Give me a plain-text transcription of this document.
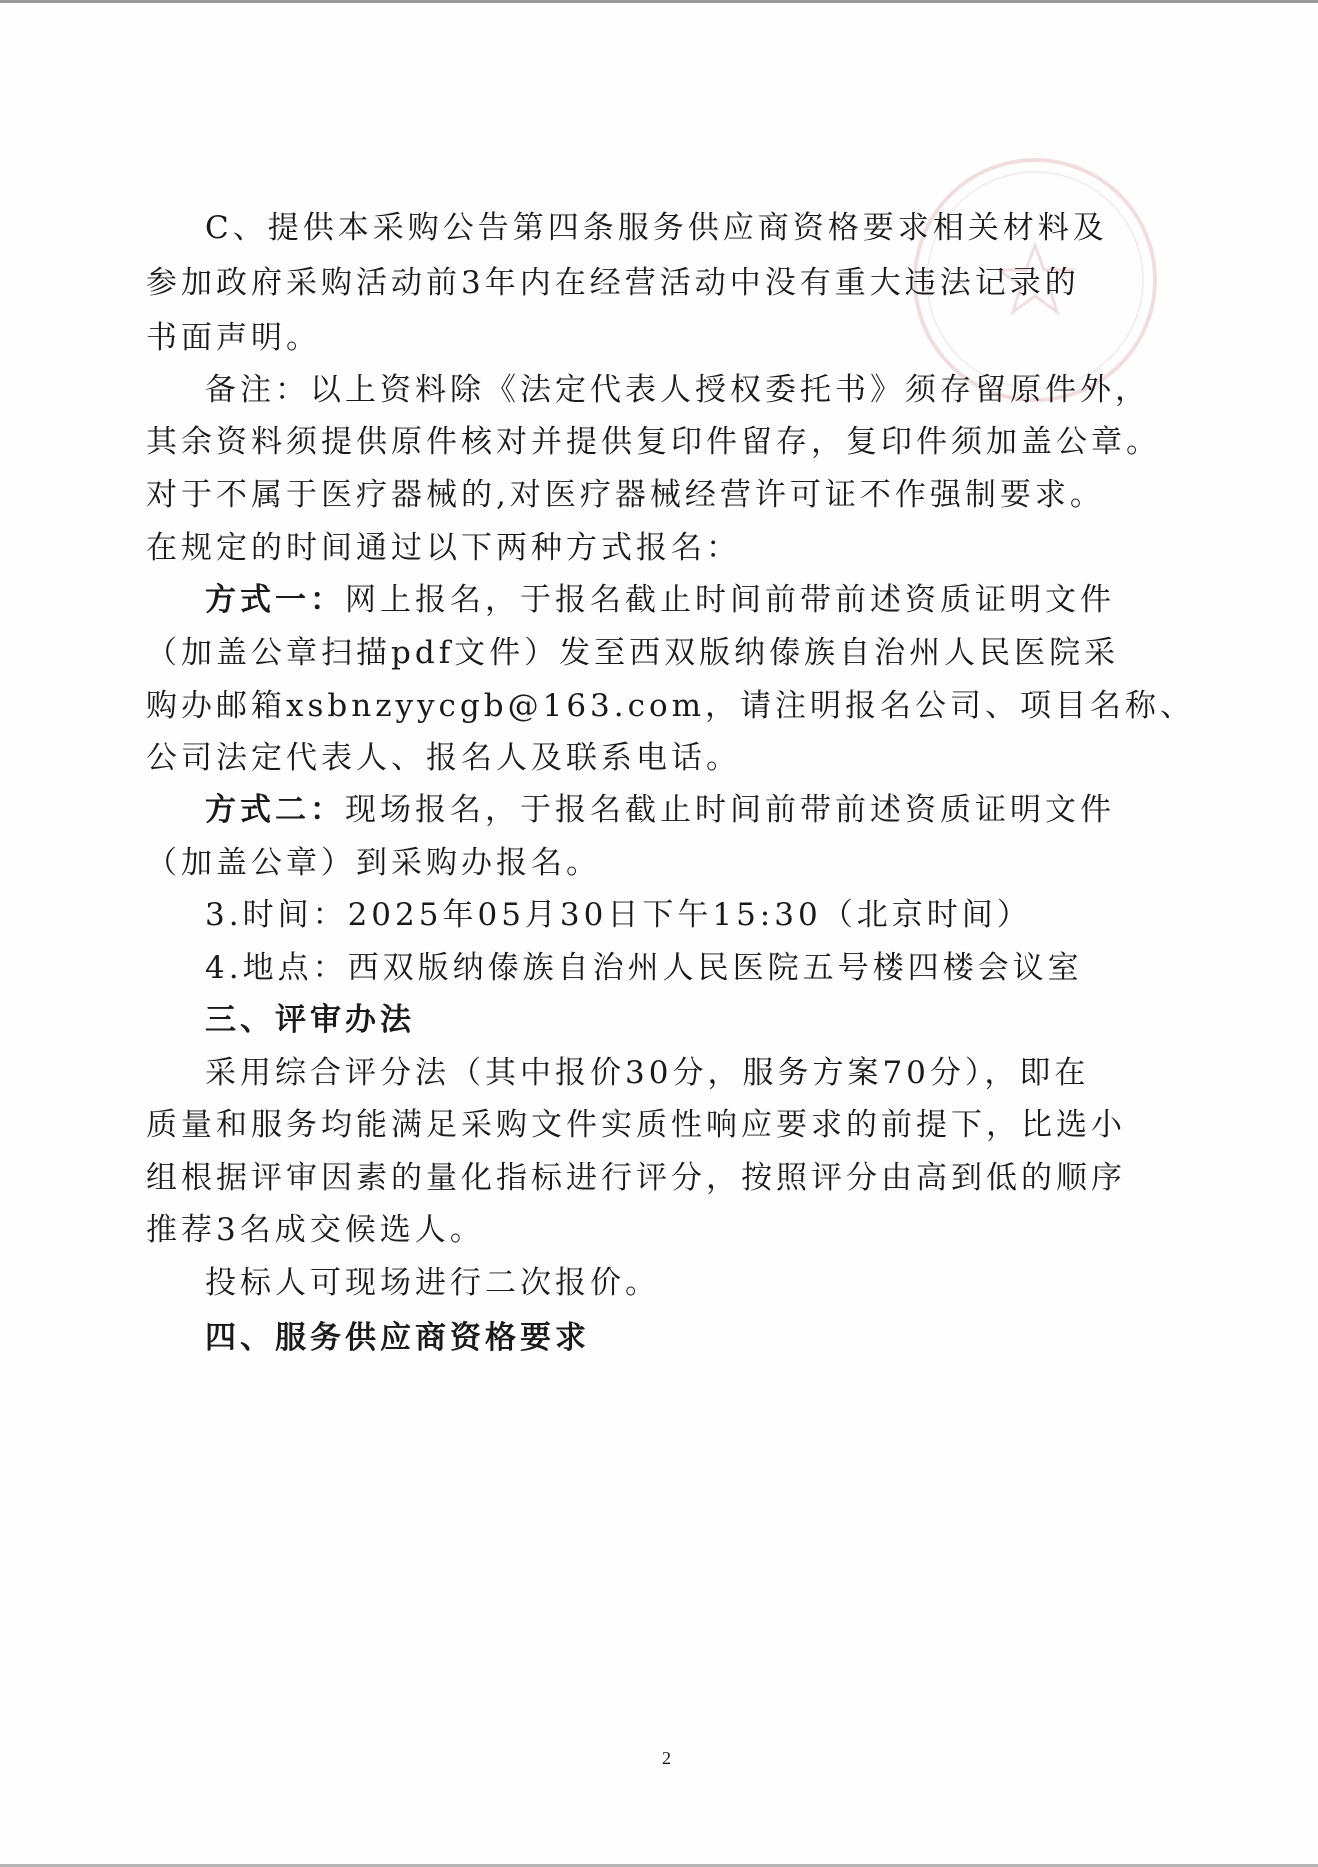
C、提供本采购公告第四条服务供应商资格要求相关材料及
参加政府采购活动前3年内在经营活动中没有重大违法记录的
书面声明。
备注：以上资料除《法定代表人授权委托书》须存留原件外，
其余资料须提供原件核对并提供复印件留存，复印件须加盖公章。
对于不属于医疗器械的,对医疗器械经营许可证不作强制要求。
在规定的时间通过以下两种方式报名：
方式一：网上报名，于报名截止时间前带前述资质证明文件
（加盖公章扫描pdf文件）发至西双版纳傣族自治州人民医院采
购办邮箱xsbnzyycgb@163.com，请注明报名公司、项目名称、
公司法定代表人、报名人及联系电话。
方式二：现场报名，于报名截止时间前带前述资质证明文件
（加盖公章）到采购办报名。
3.时间：2025年05月30日下午15:30（北京时间）
4.地点：西双版纳傣族自治州人民医院五号楼四楼会议室
三、评审办法
采用综合评分法（其中报价30分，服务方案70分），即在
质量和服务均能满足采购文件实质性响应要求的前提下，比选小
组根据评审因素的量化指标进行评分，按照评分由高到低的顺序
推荐3名成交候选人。
投标人可现场进行二次报价。
四、服务供应商资格要求
2
